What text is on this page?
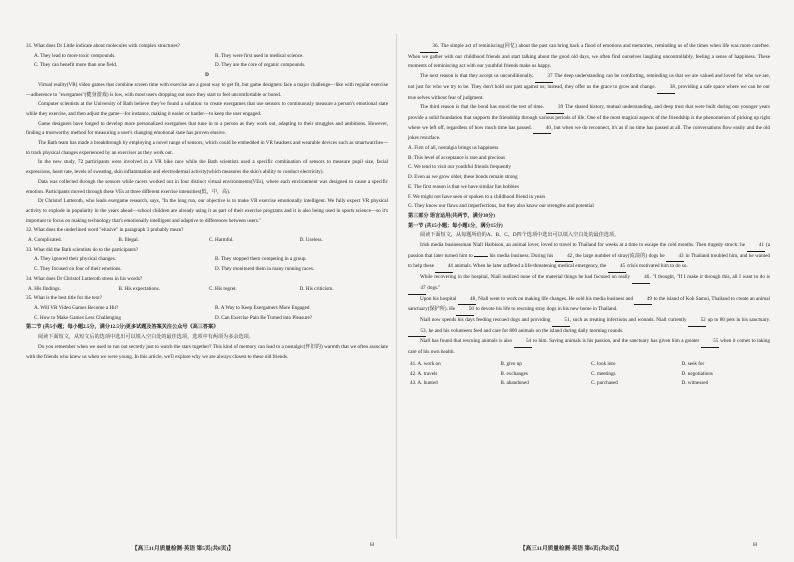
31. What does Dr Little indicate about molecules with complex structures?
A. They lead to more toxic compounds.	B. They were first used in medical science.
C. They can benefit more than one field.	D. They are the core of organic compounds.
D

Virtual reality(VR) video games that combine screen time with exercise are a great way to get fit, but game designers face a major challenge—like with regular exercise—adherence to "exergames"(健身游戏) is low, with most users dropping out once they start to feel uncomfortable or bored.

Computer scientists at the University of Bath believe they've found a solution: to create exergames that use sensors to continuously measure a person's emotional state while they exercise, and then adjust the game—for instance, making it easier or harder—to keep the user engaged.

Game designers have longed to develop more personalized exergames that tune in to a person as they work out, adapting to their struggles and ambitions. However, finding a trustworthy method for measuring a user's changing emotional state has proven elusive.

The Bath team has made a breakthrough by employing a novel range of sensors, which could be embedded in VR headsets and wearable devices such as smartwatches—to track physical changes experienced by an exerciser as they work out.

In the new study, 72 participants were involved in a VR bike race while the Bath scientists used a specific combination of sensors to measure pupil size, facial expressions, heart rate, levels of sweating, skin inflammation and electrodermal activity(which measures the skin's ability to conduct electricity).

Data was collected through the sensors while racers worked out in four distinct virtual environments(VEs), where each environment was designed to cause a specific emotion. Participants moved through these VEs at three different exercise intensities(低，中，高).

Dr Christof Lutteroth, who leads exergame research, says, "In the long run, our objective is to make VR exercise emotionally intelligent. We fully expect VR physical activity to explode in popularity in the years ahead—school children are already using it as part of their exercise programs and it is also being used in sports science—so it's important to focus on making technology that's emotionally intelligent and adaptive to differences between users."

32. What does the underlined word "elusive" in paragraph 3 probably mean?
A. Complicated.	B. Illegal.	C. Harmful.	D. Useless.
33. What did the Bath scientists do to the participants?
A. They ignored their physical changes.	B. They stopped them competing in a group.
C. They focused on four of their emotions.	D. They monitored them in many running races.
34. What does Dr Christof Lutteroth stress in his words?
A. His findings.	B. His expectations.	C. His regret.	D. His criticism.
35. What is the best title for the text?
A. Will VR Video Games Become a Hit?	B. A Way to Keep Exergamers More Engaged
C. How to Make Games Less Challenging	D. Can Exercise Pain Be Turned into Pleasure?
第二节 (共5小题；每小题2.5分，满分12.5分)更多试题及答案关注公众号《高三答案》

阅读下面短文，从短文后的选项中选出可以填入空白处的最佳选项。选项中有两项为多余选项。

Do you remember when we used to run out secretly just to watch the stars together? This kind of memory can lead to a nostalgic(怀旧的) warmth that we often associate with the friends who knew us when we were young. In this article, we'll explore why we are always closest to these old friends.

【高三11月质量检测·英语 第5页(共8页)】
H

36. The simple act of reminiscing(回忆) about the past can bring back a flood of emotions and memories, reminding us of the times when life was more carefree. When we gather with our childhood friends and start talking about the good old days, we often find ourselves laughing uncontrollably, feeling a sense of happiness. These moments of reminiscing act with our youthful friends make us happy.

The next reason is that they accept us unconditionally.	37 The deep understanding can be comforting, reminding us that we are valued and loved for who we are, not just for who we try to be. They don't hold our past against us; instead, they offer us the grace to grow and change.	38, providing a safe space where we can be our true selves without fear of judgment.

The third reason is that the bond has stood the test of time.	39 The shared history, mutual understanding, and deep trust that were built during our younger years provide a solid foundation that supports the friendship through various periods of life. One of the most magical aspects of the friendship is the phenomenon of picking up right where we left off, regardless of how much time has passed.	40, but when we do reconnect, it's as if no time has passed at all. The conversations flow easily and the old jokes resurface.

A. First of all, nostalgia brings us happiness
B. This level of acceptance is rare and precious
C. We tend to visit our youthful friends frequently
D. Even as we grow older, these bonds remain strong
E. The first reason is that we have similar fun hobbies
F. We might not have seen or spoken to a childhood friend in years
G. They know our flaws and imperfections, but they also know our strengths and potential
第三部分 语言运用(共两节，满分30分)
第一节 (共15小题；每小题1分，满分15分)

阅读下面短文，从每题所给的A、B、C、D四个选项中选出可以填入空白处的最佳选项。

Irish media businessman Niall Harbison, an animal lover, loved to travel to Thailand for weeks at a time to escape the cold months. Then tragedy struck: he	41 (a passion that later turned him to	his media business. During his	42, the large number of stray(流浪的) dogs he	43 in Thailand troubled him, and he wanted to help these	44 animals. When he later suffered a life-threatening medical emergency, the	45 crisis motivated him to do so.

While recovering in the hospital, Niall realized none of the material things he had focused on really	46. "I thought, "If I make it through this, all I want to do is 47 dogs."

Upon his hospital	48, Niall went to work on making life changes. He sold his media business and	49 to the island of Koh Samui, Thailand to create an animal sanctuary(保护所). He	50 to devote his life to rescuing stray dogs in his new home in Thailand.

Niall now spends his days feeding rescued dogs and providing	51, such as treating infections and wounds. Niall currently	52 up to 80 pets in his sanctuary. 53, he and his volunteers feed and care for 800 animals on the island during daily morning rounds.

Niall has found that rescuing animals is also	54 to him. Saving animals is his passion, and the sanctuary has given him a greater	55 when it comes to taking care of his own health.

41. A. work on	B. give up	C. look into	D. seek for
42. A. travels	B. exchanges	C. meetings	D. negotiations
43. A. hunted	B. abandoned	C. purchased	D. witnessed
【高三11月质量检测·英语 第6页(共8页)】
H
